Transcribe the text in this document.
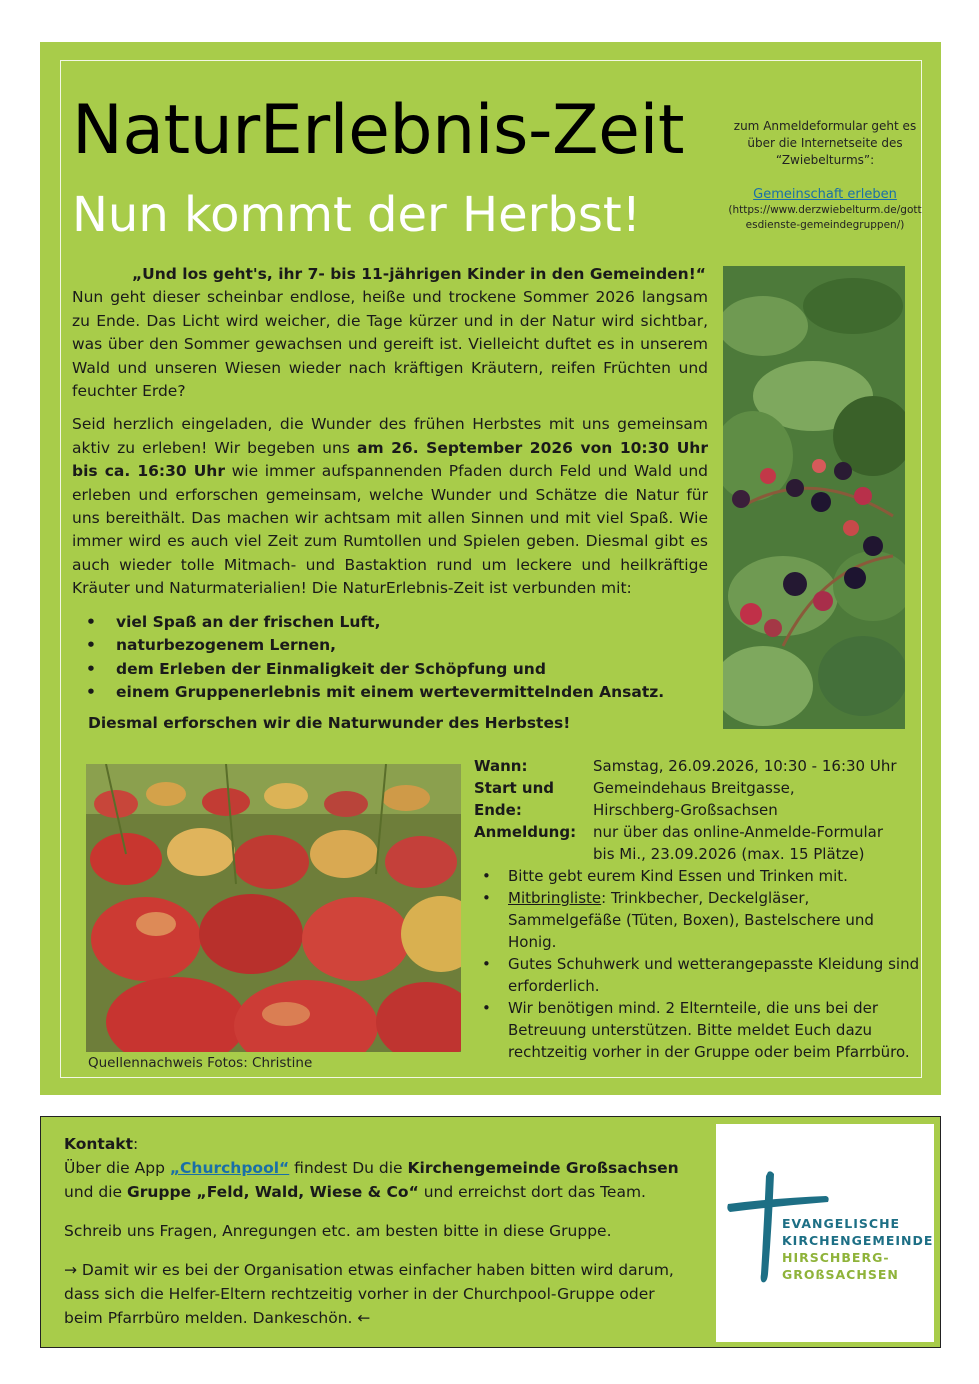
NaturErlebnis-Zeit
Nun kommt der Herbst!
zum Anmeldeformular geht es über die Internetseite des “Zwiebelturms”:
Gemeinschaft erleben
(https://www.derzwiebelturm.de/gottesdienste-gemeindegruppen/)

„Und los geht's, ihr 7- bis 11-jährigen Kinder in den Gemeinden!“
Nun geht dieser scheinbar endlose, heiße und trockene Sommer 2026 langsam zu Ende. Das Licht wird weicher, die Tage kürzer und in der Natur wird sichtbar, was über den Sommer gewachsen und gereift ist. Vielleicht duftet es in unserem Wald und unseren Wiesen wieder nach kräftigen Kräutern, reifen Früchten und feuchter Erde?

Seid herzlich eingeladen, die Wunder des frühen Herbstes mit uns gemeinsam aktiv zu erleben! Wir begeben uns am 26. September 2026 von 10:30 Uhr bis ca. 16:30 Uhr wie immer aufspannenden Pfaden durch Feld und Wald und erleben und erforschen gemeinsam, welche Wunder und Schätze die Natur für uns bereithält. Das machen wir achtsam mit allen Sinnen und mit viel Spaß. Wie immer wird es auch viel Zeit zum Rumtollen und Spielen geben. Diesmal gibt es auch wieder tolle Mitmach- und Bastaktion rund um leckere und heilkräftige Kräuter und Naturmaterialien! Die NaturErlebnis-Zeit ist verbunden mit:

• viel Spaß an der frischen Luft,
• naturbezogenem Lernen,
• dem Erleben der Einmaligkeit der Schöpfung und
• einem Gruppenerlebnis mit einem wertevermittelnden Ansatz.
Diesmal erforschen wir die Naturwunder des Herbstes!
Quellennachweis Fotos: Christine
Wann:	Samstag, 26.09.2026, 10:30 - 16:30 Uhr
Start und Ende:
Gemeindehaus Breitgasse,
Hirschberg-Großsachsen
Anmeldung:	nur über das online-Anmelde-Formular
bis Mi., 23.09.2026 (max. 15 Plätze)
• Bitte gebt eurem Kind Essen und Trinken mit.
• Mitbringliste: Trinkbecher, Deckelgläser, Sammelgefäße (Tüten, Boxen), Bastelschere und Honig.
• Gutes Schuhwerk und wetterangepasste Kleidung sind erforderlich.
• Wir benötigen mind. 2 Elternteile, die uns bei der Betreuung unterstützen. Bitte meldet Euch dazu rechtzeitig vorher in der Gruppe oder beim Pfarrbüro.

Kontakt:
Über die App „Churchpool“ findest Du die Kirchengemeinde Großsachsen
und die Gruppe „Feld, Wald, Wiese & Co“ und erreichst dort das Team.

Schreib uns Fragen, Anregungen etc. am besten bitte in diese Gruppe.

→ Damit wir es bei der Organisation etwas einfacher haben bitten wird darum, dass sich die Helfer-Eltern rechtzeitig vorher in der Churchpool-Gruppe oder beim Pfarrbüro melden. Dankeschön. ←

EVANGELISCHE
KIRCHENGEMEINDE
HIRSCHBERG-
GROßSACHSEN
